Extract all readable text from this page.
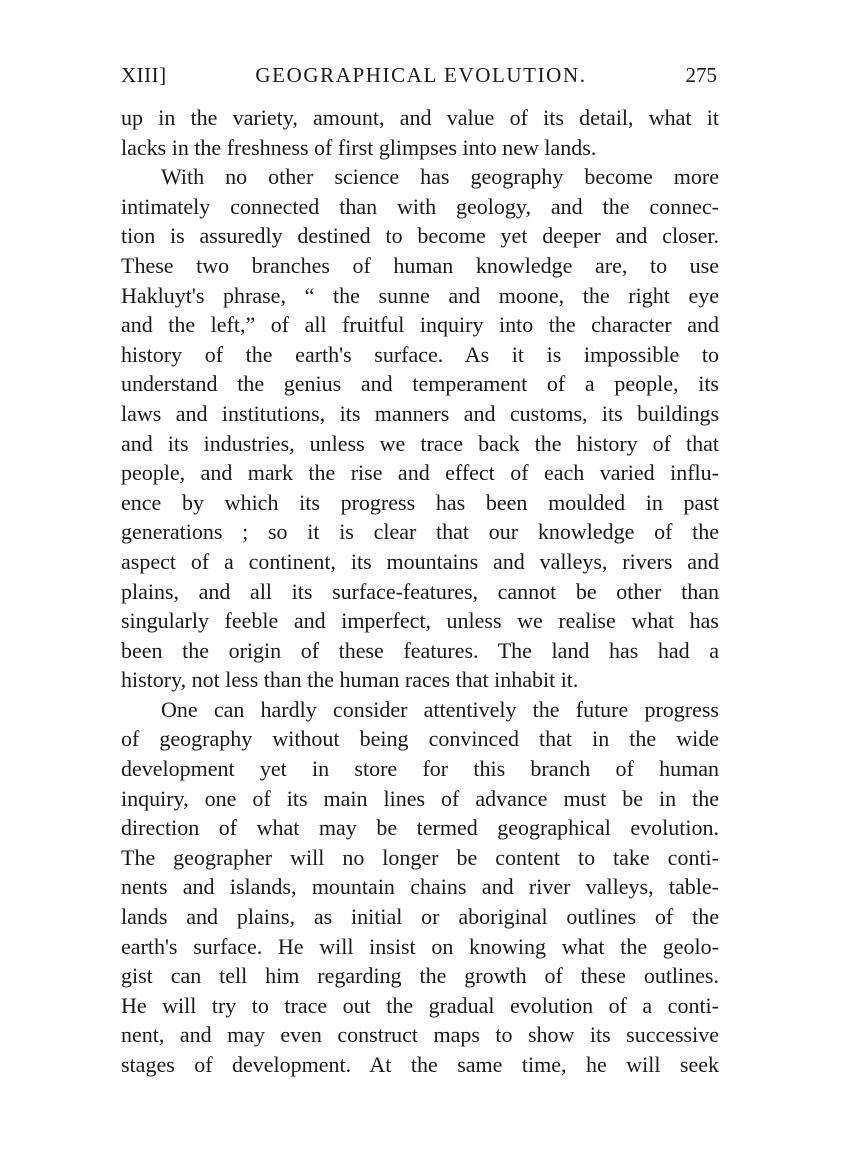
XIII]	GEOGRAPHICAL EVOLUTION.	275
up in the variety, amount, and value of its detail, what it
lacks in the freshness of first glimpses into new lands.
With no other science has geography become more
intimately connected than with geology, and the connec-
tion is assuredly destined to become yet deeper and closer.
These two branches of human knowledge are, to use
Hakluyt's phrase, “ the sunne and moone, the right eye
and the left,” of all fruitful inquiry into the character and
history of the earth's surface. As it is impossible to
understand the genius and temperament of a people, its
laws and institutions, its manners and customs, its buildings
and its industries, unless we trace back the history of that
people, and mark the rise and effect of each varied influ-
ence by which its progress has been moulded in past
generations ; so it is clear that our knowledge of the
aspect of a continent, its mountains and valleys, rivers and
plains, and all its surface-features, cannot be other than
singularly feeble and imperfect, unless we realise what has
been the origin of these features. The land has had a
history, not less than the human races that inhabit it.
One can hardly consider attentively the future progress
of geography without being convinced that in the wide
development yet in store for this branch of human
inquiry, one of its main lines of advance must be in the
direction of what may be termed geographical evolution.
The geographer will no longer be content to take conti-
nents and islands, mountain chains and river valleys, table-
lands and plains, as initial or aboriginal outlines of the
earth's surface. He will insist on knowing what the geolo-
gist can tell him regarding the growth of these outlines.
He will try to trace out the gradual evolution of a conti-
nent, and may even construct maps to show its successive
stages of development. At the same time, he will seek
